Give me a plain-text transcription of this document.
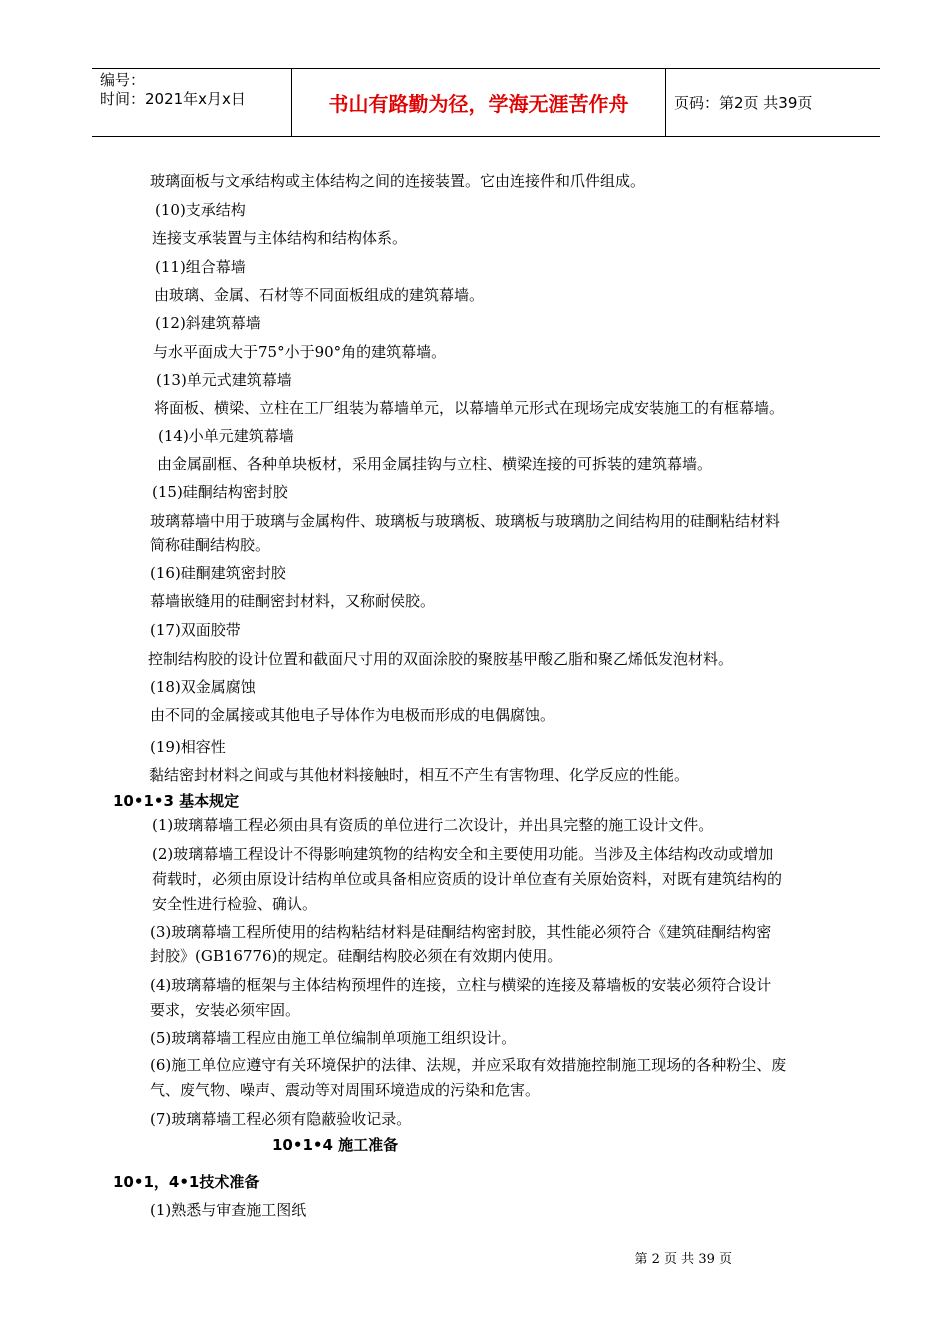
编号：
时间：2021年x月x日	书山有路勤为径，学海无涯苦作舟	页码：第2页 共39页
玻璃面板与文承结构或主体结构之间的连接装置。它由连接件和爪件组成。
(10)支承结构
连接支承装置与主体结构和结构体系。
(11)组合幕墙
由玻璃、金属、石材等不同面板组成的建筑幕墙。
(12)斜建筑幕墙
与水平面成大于75°小于90°角的建筑幕墙。
(13)单元式建筑幕墙
将面板、横梁、立柱在工厂组装为幕墙单元，以幕墙单元形式在现场完成安装施工的有框幕墙。
(14)小单元建筑幕墙
由金属副框、各种单块板材，采用金属挂钩与立柱、横梁连接的可拆装的建筑幕墙。
(15)硅酮结构密封胶
玻璃幕墙中用于玻璃与金属构件、玻璃板与玻璃板、玻璃板与玻璃肋之间结构用的硅酮粘结材料
简称硅酮结构胶。
(16)硅酮建筑密封胶
幕墙嵌缝用的硅酮密封材料，又称耐侯胶。
(17)双面胶带
控制结构胶的设计位置和截面尺寸用的双面涂胶的聚胺基甲酸乙脂和聚乙烯低发泡材料。
(18)双金属腐蚀
由不同的金属接或其他电子导体作为电极而形成的电偶腐蚀。
(19)相容性
黏结密封材料之间或与其他材料接触时，相互不产生有害物理、化学反应的性能。
10•1•3 基本规定
(1)玻璃幕墙工程必须由具有资质的单位进行二次设计，并出具完整的施工设计文件。
(2)玻璃幕墙工程设计不得影响建筑物的结构安全和主要使用功能。当涉及主体结构改动或增加
荷载时，必须由原设计结构单位或具备相应资质的设计单位查有关原始资料，对既有建筑结构的
安全性进行检验、确认。
(3)玻璃幕墙工程所使用的结构粘结材料是硅酮结构密封胶，其性能必须符合《建筑硅酮结构密
封胶》(GB16776)的规定。硅酮结构胶必须在有效期内使用。
(4)玻璃幕墙的框架与主体结构预埋件的连接，立柱与横梁的连接及幕墙板的安装必须符合设计
要求，安装必须牢固。
(5)玻璃幕墙工程应由施工单位编制单项施工组织设计。
(6)施工单位应遵守有关环境保护的法律、法规，并应采取有效措施控制施工现场的各种粉尘、废
气、废气物、噪声、震动等对周围环境造成的污染和危害。
(7)玻璃幕墙工程必须有隐蔽验收记录。
10•1•4 施工准备
10•1，4•1技术准备
(1)熟悉与审查施工图纸
第 2 页 共 39 页
